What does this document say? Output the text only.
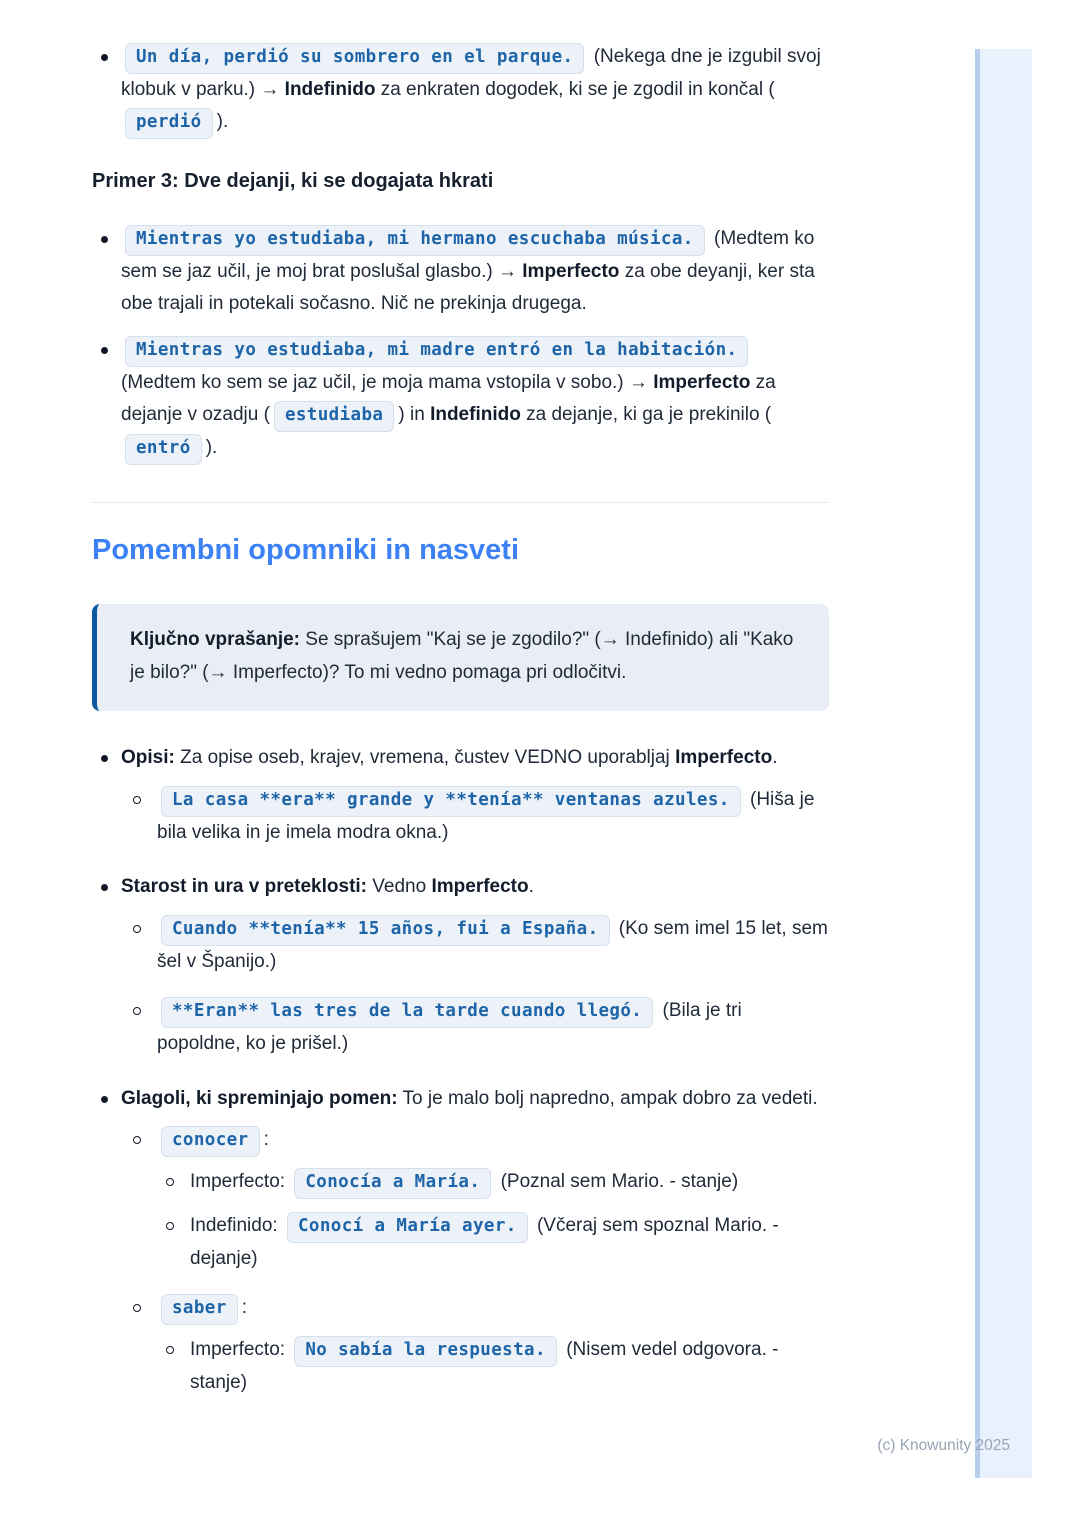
Un día, perdió su sombrero en el parque. (Nekega dne je izgubil svoj klobuk v parku.) → Indefinido za enkraten dogodek, ki se je zgodil in končal (perdió ).
Primer 3: Dve dejanji, ki se dogajata hkrati
Mientras yo estudiaba, mi hermano escuchaba música. (Medtem ko sem se jaz učil, je moj brat poslušal glasbo.) → Imperfecto za obe deyanji, ker sta obe trajali in potekali sočasno. Nič ne prekinja drugega.
Mientras yo estudiaba, mi madre entró en la habitación. (Medtem ko sem se jaz učil, je moja mama vstopila v sobo.) → Imperfecto za dejanje v ozadju ( estudiaba ) in Indefinido za dejanje, ki ga je prekinilo (entró ).
Pomembni opomniki in nasveti
Ključno vprašanje: Se sprašujem "Kaj se je zgodilo?" (→ Indefinido) ali "Kako je bilo?" (→ Imperfecto)? To mi vedno pomaga pri odločitvi.
Opisi: Za opise oseb, krajev, vremena, čustev VEDNO uporabljaj Imperfecto.
La casa **era** grande y **tenía** ventanas azules. (Hiša je bila velika in je imela modra okna.)
Starost in ura v preteklosti: Vedno Imperfecto.
Cuando **tenía** 15 años, fui a España. (Ko sem imel 15 let, sem šel v Španijo.)
**Eran** las tres de la tarde cuando llegó. (Bila je tri popoldne, ko je prišel.)
Glagoli, ki spreminjajo pomen: To je malo bolj napredno, ampak dobro za vedeti.
conocer :
Imperfecto: Conocía a María. (Poznal sem Mario. - stanje)
Indefinido: Conocí a María ayer. (Včeraj sem spoznal Mario. - dejanje)
saber :
Imperfecto: No sabía la respuesta. (Nisem vedel odgovora. - stanje)
(c) Knowunity 2025
